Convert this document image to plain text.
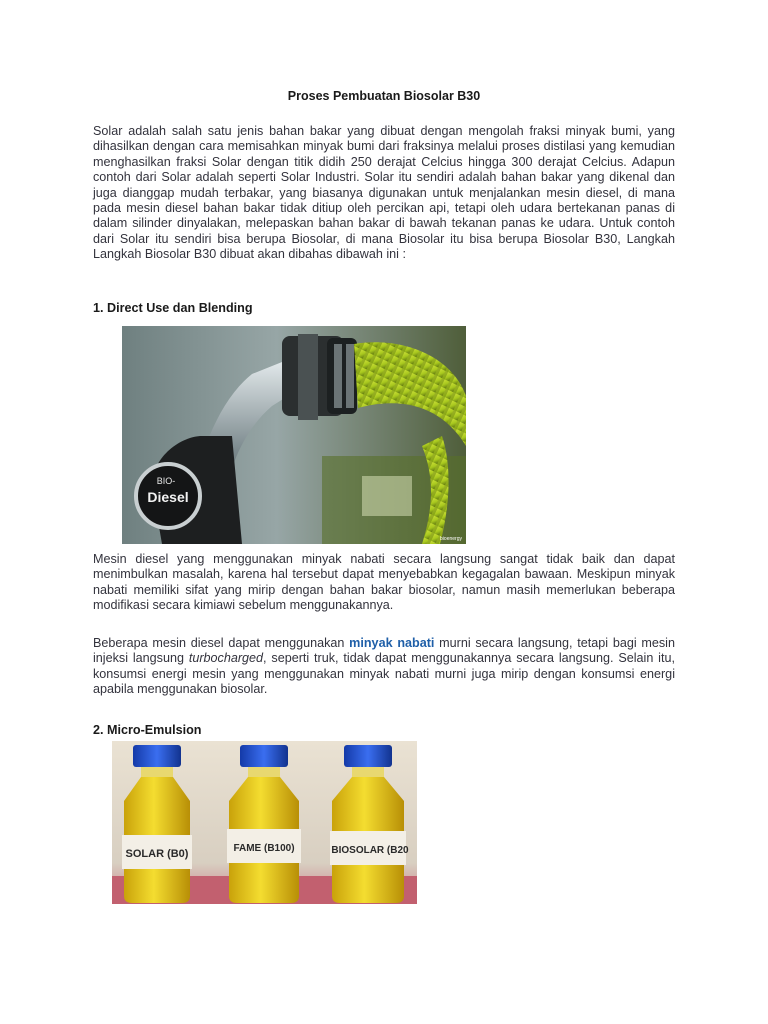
Proses Pembuatan Biosolar B30

Solar adalah salah satu jenis bahan bakar yang dibuat dengan mengolah fraksi minyak bumi, yang dihasilkan dengan cara memisahkan minyak bumi dari fraksinya melalui proses distilasi yang kemudian menghasilkan fraksi Solar dengan titik didih 250 derajat Celcius hingga 300 derajat Celcius. Adapun contoh dari Solar adalah seperti Solar Industri. Solar itu sendiri adalah bahan bakar yang dikenal dan juga dianggap mudah terbakar, yang biasanya digunakan untuk menjalankan mesin diesel, di mana pada mesin diesel bahan bakar tidak ditiup oleh percikan api, tetapi oleh udara bertekanan panas di dalam silinder dinyalakan, melepaskan bahan bakar di bawah tekanan panas ke udara. Untuk contoh dari Solar itu sendiri bisa berupa Biosolar, di mana Biosolar itu bisa berupa Biosolar B30, Langkah Langkah Biosolar B30 dibuat akan dibahas dibawah ini :

1. Direct Use dan Blending
BIO-
Diesel
bioenergy

Mesin diesel yang menggunakan minyak nabati secara langsung sangat tidak baik dan dapat menimbulkan masalah, karena hal tersebut dapat menyebabkan kegagalan bawaan. Meskipun minyak nabati memiliki sifat yang mirip dengan bahan bakar biosolar, namun masih memerlukan beberapa modifikasi secara kimiawi sebelum menggunakannya.

Beberapa mesin diesel dapat menggunakan minyak nabati murni secara langsung, tetapi bagi mesin injeksi langsung turbocharged, seperti truk, tidak dapat menggunakannya secara langsung. Selain itu, konsumsi energi mesin yang menggunakan minyak nabati murni juga mirip dengan konsumsi energi apabila menggunakan biosolar.

2. Micro-Emulsion
SOLAR (B0)	FAME (B100)	BIOSOLAR (B20
